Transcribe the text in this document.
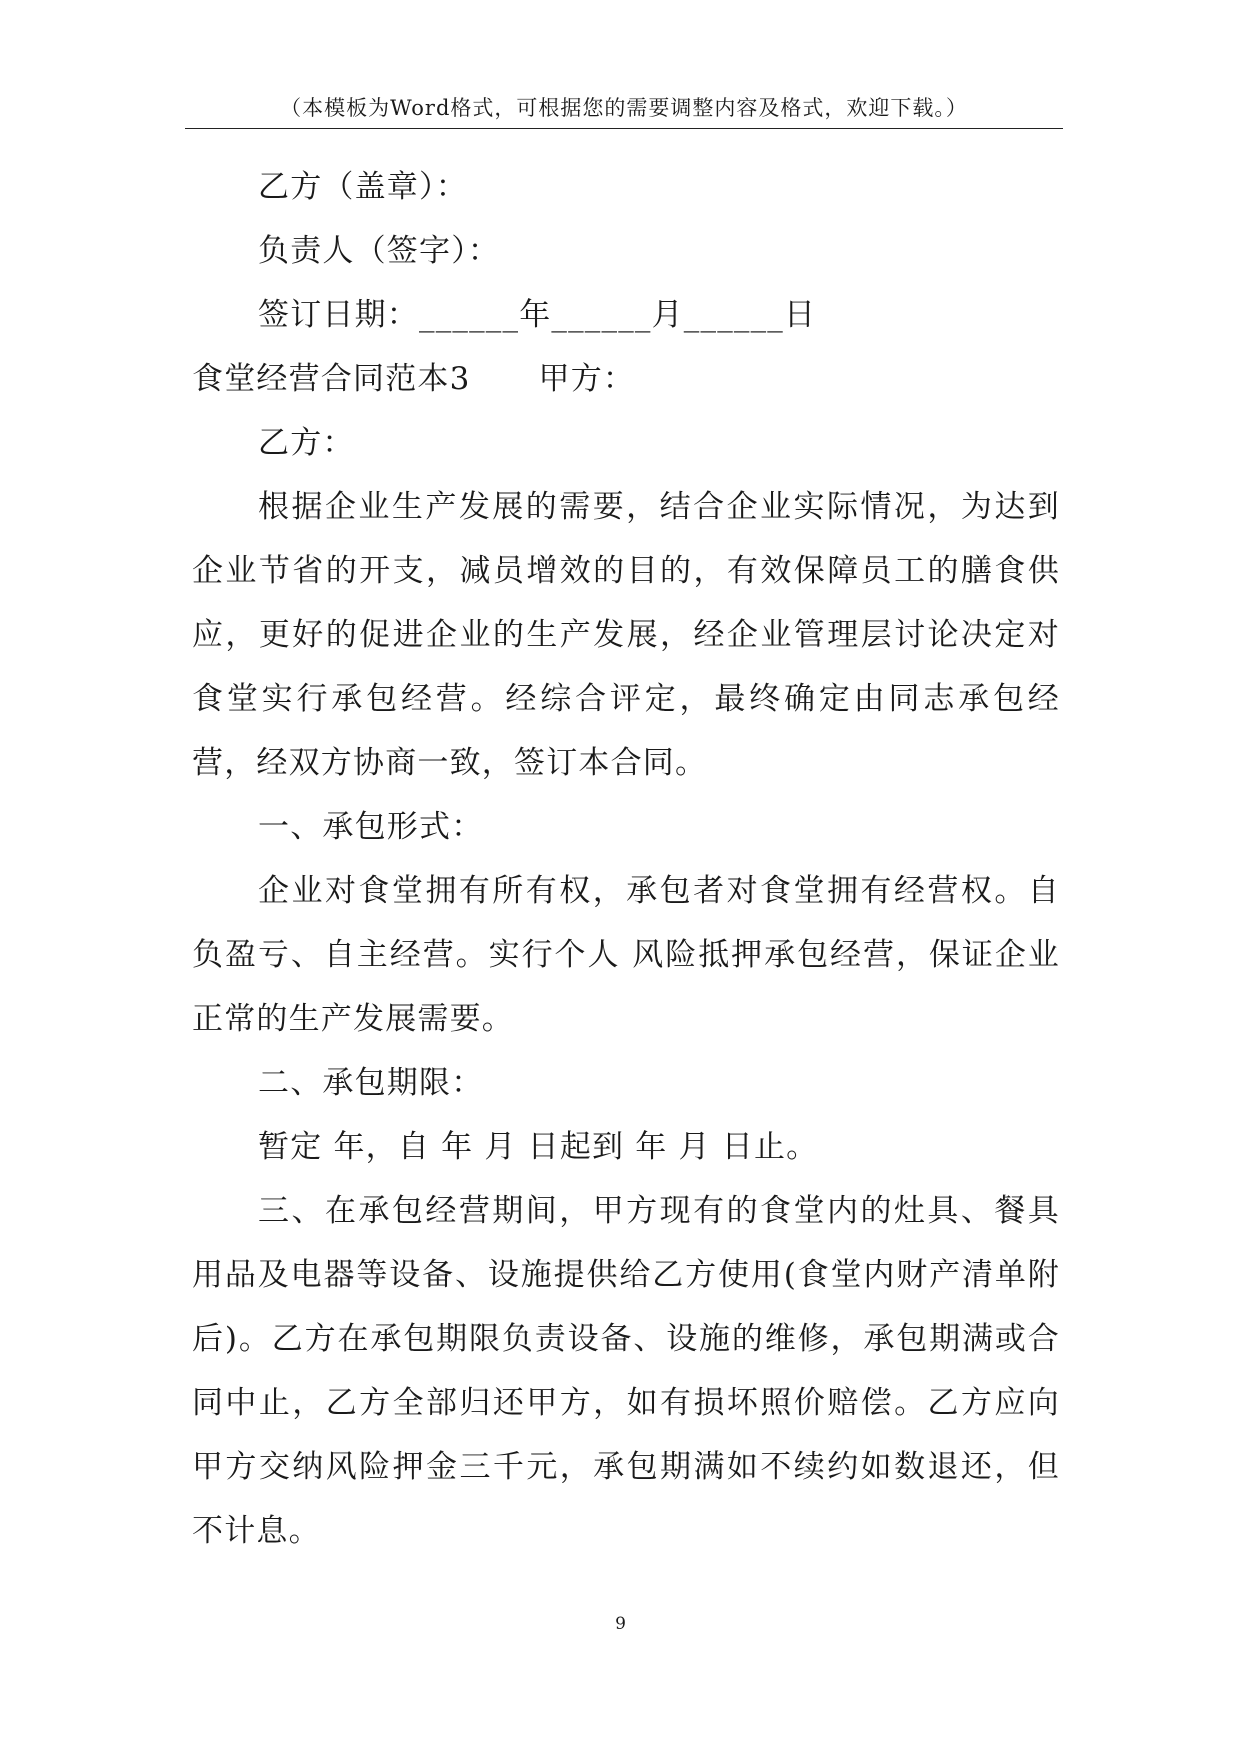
（本模板为Word格式，可根据您的需要调整内容及格式，欢迎下载。）

乙方（盖章）：

负责人（签字）：

签订日期：______年______月______日

食堂经营合同范本3 甲方：

乙方：

根据企业生产发展的需要，结合企业实际情况，为达到企业节省的开支，减员增效的目的，有效保障员工的膳食供应，更好的促进企业的生产发展，经企业管理层讨论决定对食堂实行承包经营。经综合评定，最终确定由同志承包经营，经双方协商一致，签订本合同。

一、承包形式：

企业对食堂拥有所有权，承包者对食堂拥有经营权。自负盈亏、自主经营。实行个人 风险抵押承包经营，保证企业正常的生产发展需要。

二、承包期限：

暂定 年，自 年 月 日起到 年 月 日止。

三、在承包经营期间，甲方现有的食堂内的灶具、餐具用品及电器等设备、设施提供给乙方使用(食堂内财产清单附后)。乙方在承包期限负责设备、设施的维修，承包期满或合同中止，乙方全部归还甲方，如有损坏照价赔偿。乙方应向甲方交纳风险押金三千元，承包期满如不续约如数退还，但不计息。

9
